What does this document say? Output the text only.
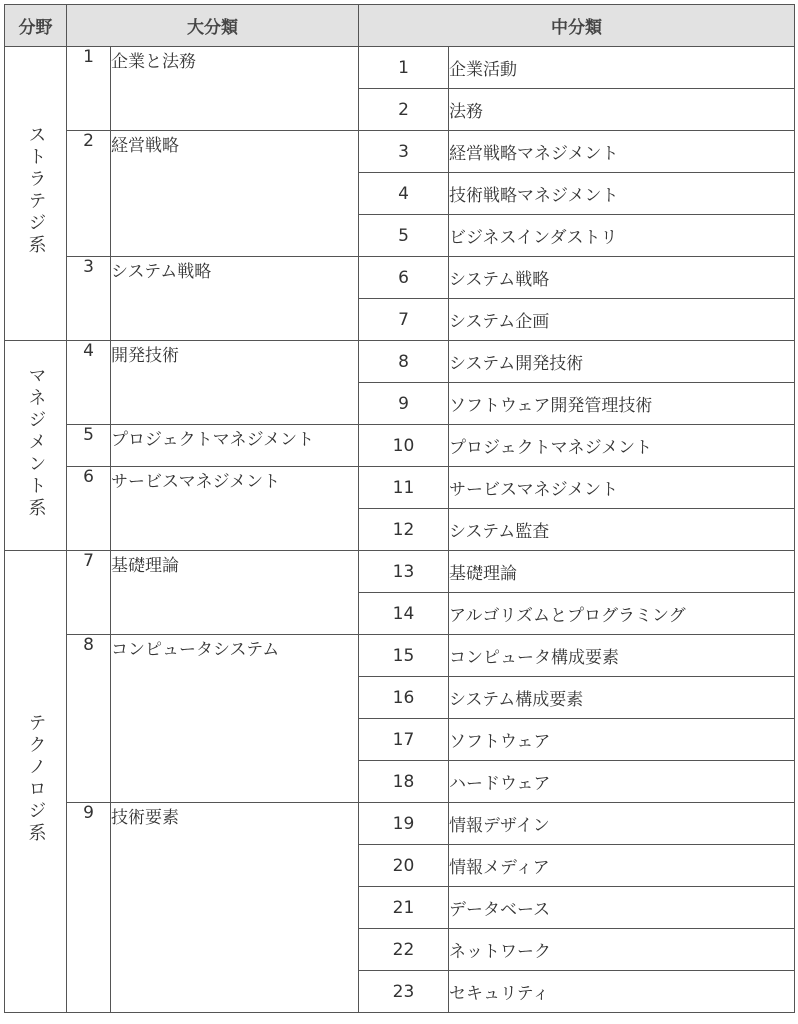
分野	大分類		中分類	
ストラテジ系	1	企業と法務	1	企業活動
			2	法務
	2	経営戦略	3	経営戦略マネジメント
			4	技術戦略マネジメント
			5	ビジネスインダストリ
	3	システム戦略	6	システム戦略
			7	システム企画
マネジメント系	4	開発技術	8	システム開発技術
			9	ソフトウェア開発管理技術
	5	プロジェクトマネジメント	10	プロジェクトマネジメント
	6	サービスマネジメント	11	サービスマネジメント
			12	システム監査
テクノロジ系	7	基礎理論	13	基礎理論
			14	アルゴリズムとプログラミング
	8	コンピュータシステム	15	コンピュータ構成要素
			16	システム構成要素
			17	ソフトウェア
			18	ハードウェア
	9	技術要素	19	情報デザイン
			20	情報メディア
			21	データベース
			22	ネットワーク
			23	セキュリティ
